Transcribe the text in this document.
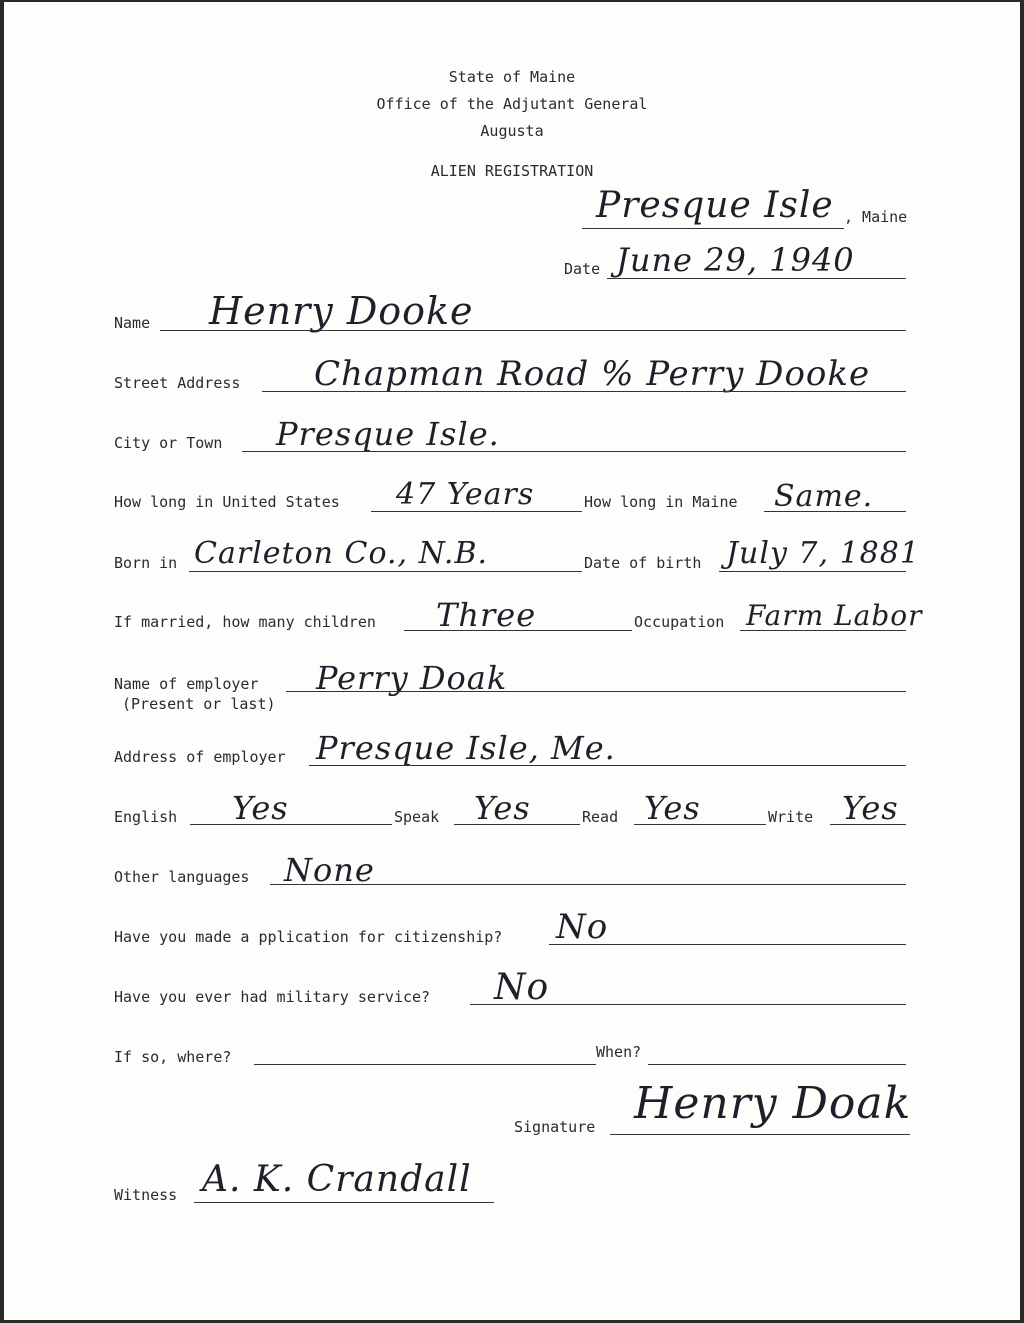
State of Maine
Office of the Adjutant General
Augusta
ALIEN REGISTRATION
Presque Isle , Maine
Date June 29, 1940
Name Henry Dooke
Street Address Chapman Road % Perry Dooke
City or Town Presque Isle.
How long in United States 47 Years	How long in Maine Same.
Born in Carleton Co., N.B.	Date of birth July 7, 1881
If married, how many children Three	Occupation Farm Labor
Name of employer
(Present or last)
Perry Doak
Address of employer Presque Isle, Me.
English Yes	Speak Yes	Read Yes	Write Yes
Other languages None
Have you made a pplication for citizenship? No
Have you ever had military service? No
If so, where?	When?
Signature Henry Doak
Witness A. K. Crandall
